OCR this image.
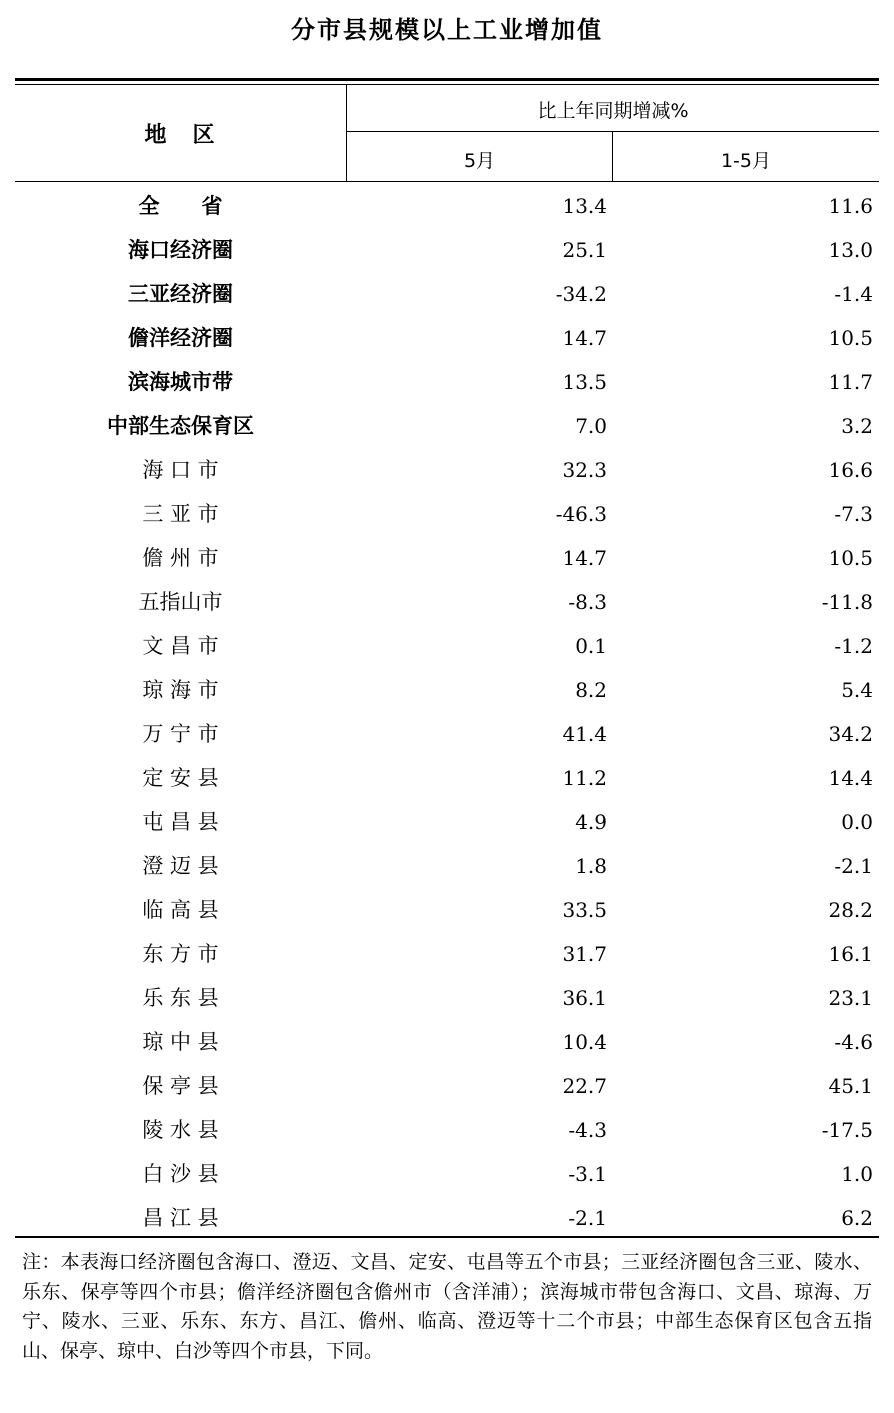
分市县规模以上工业增加值
地　区
比上年同期增减%
5月	1-5月
全　　省	13.4	11.6
海口经济圈	25.1	13.0
三亚经济圈	-34.2	-1.4
儋洋经济圈	14.7	10.5
滨海城市带	13.5	11.7
中部生态保育区	7.0	3.2
海 口 市	32.3	16.6
三 亚 市	-46.3	-7.3
儋 州 市	14.7	10.5
五指山市	-8.3	-11.8
文 昌 市	0.1	-1.2
琼 海 市	8.2	5.4
万 宁 市	41.4	34.2
定 安 县	11.2	14.4
屯 昌 县	4.9	0.0
澄 迈 县	1.8	-2.1
临 高 县	33.5	28.2
东 方 市	31.7	16.1
乐 东 县	36.1	23.1
琼 中 县	10.4	-4.6
保 亭 县	22.7	45.1
陵 水 县	-4.3	-17.5
白 沙 县	-3.1	1.0
昌 江 县	-2.1	6.2
注：本表海口经济圈包含海口、澄迈、文昌、定安、屯昌等五个市县；三亚经济圈包含三亚、陵水、乐东、保亭等四个市县；儋洋经济圈包含儋州市（含洋浦）；滨海城市带包含海口、文昌、琼海、万宁、陵水、三亚、乐东、东方、昌江、儋州、临高、澄迈等十二个市县；中部生态保育区包含五指山、保亭、琼中、白沙等四个市县，下同。
